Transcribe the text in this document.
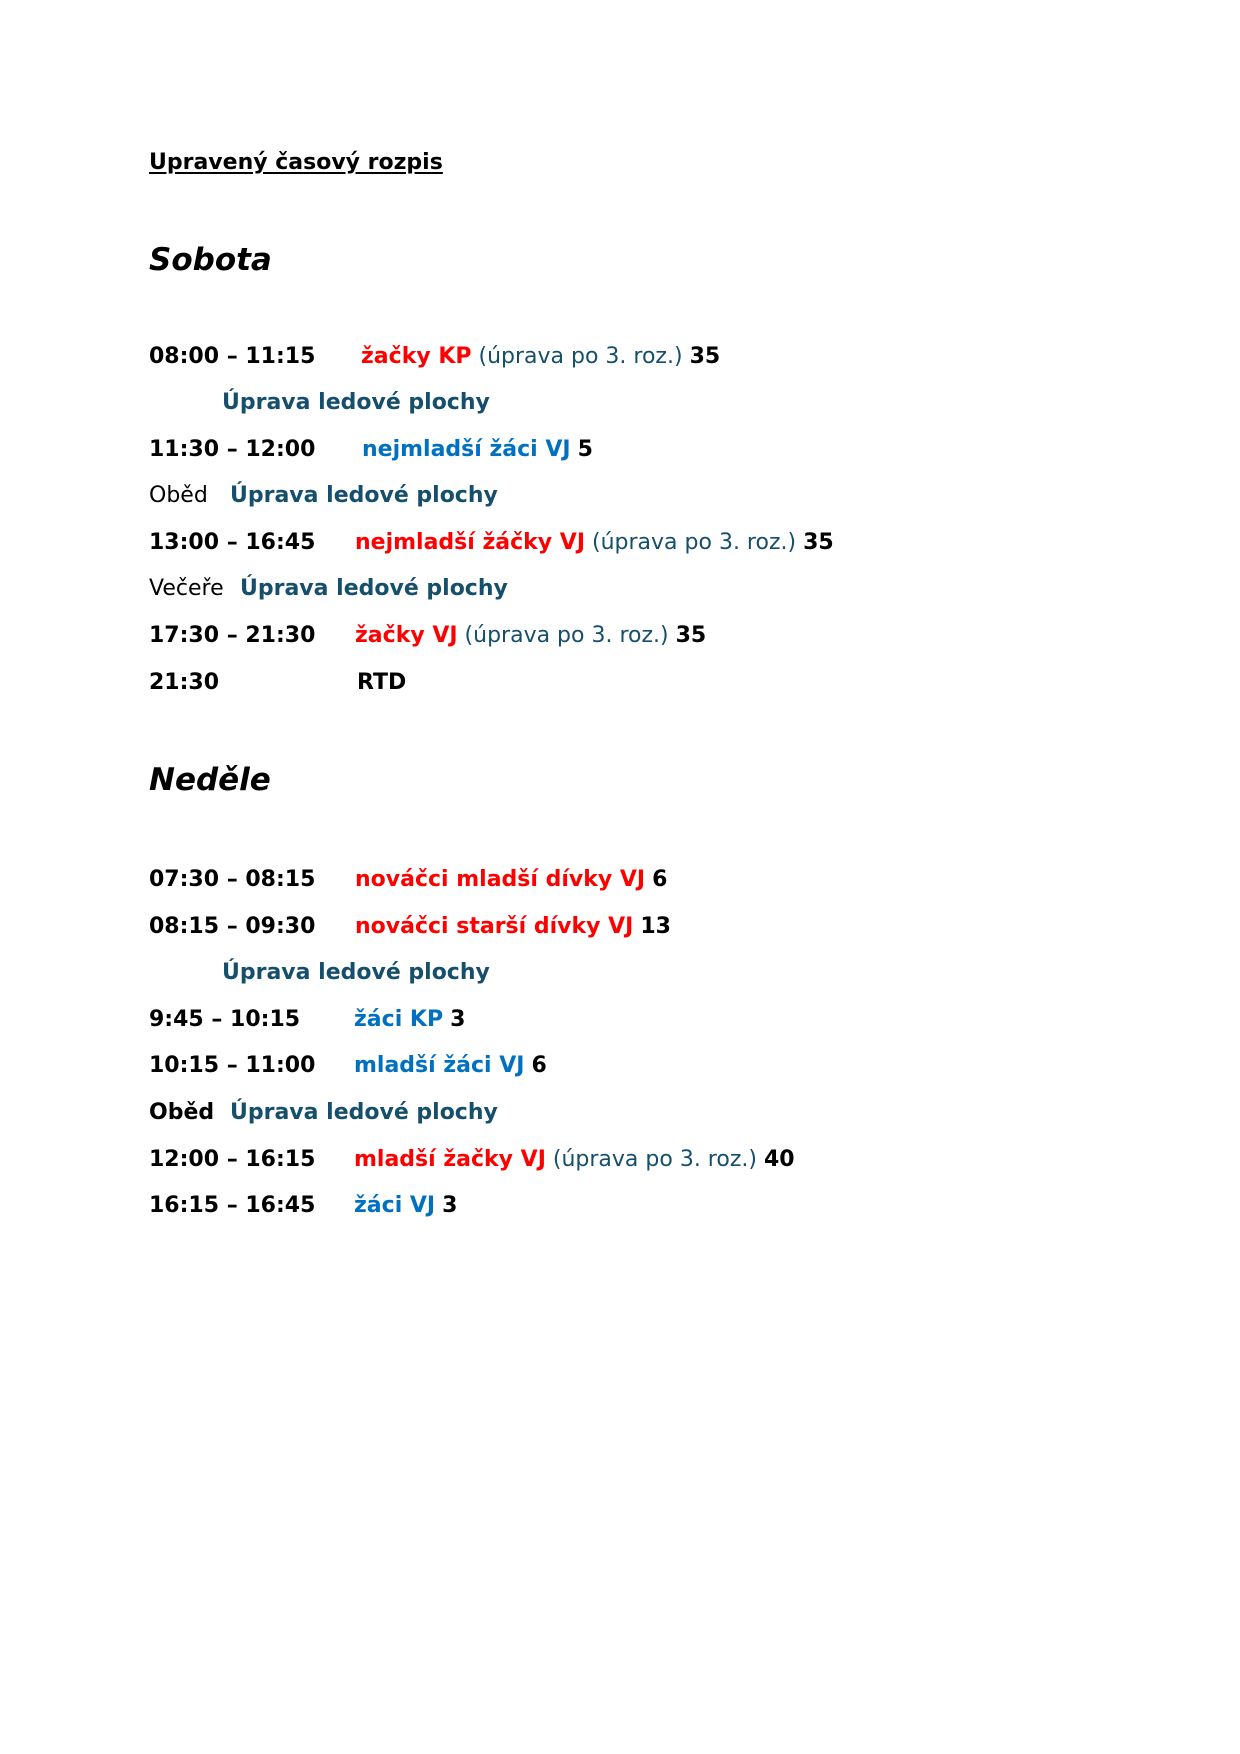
Upravený časový rozpis
Sobota
08:00 – 11:15 žačky KP (úprava po 3. roz.) 35
Úprava ledové plochy
11:30 – 12:00 nejmladší žáci VJ 5
Oběd Úprava ledové plochy
13:00 – 16:45 nejmladší žáčky VJ (úprava po 3. roz.) 35
Večeře Úprava ledové plochy
17:30 – 21:30 žačky VJ (úprava po 3. roz.) 35
21:30	RTD
Neděle
07:30 – 08:15 nováčci mladší dívky VJ 6
08:15 – 09:30 nováčci starší dívky VJ 13
Úprava ledové plochy
9:45 – 10:15 žáci KP 3
10:15 – 11:00 mladší žáci VJ 6
Oběd Úprava ledové plochy
12:00 – 16:15 mladší žačky VJ (úprava po 3. roz.) 40
16:15 – 16:45 žáci VJ 3
